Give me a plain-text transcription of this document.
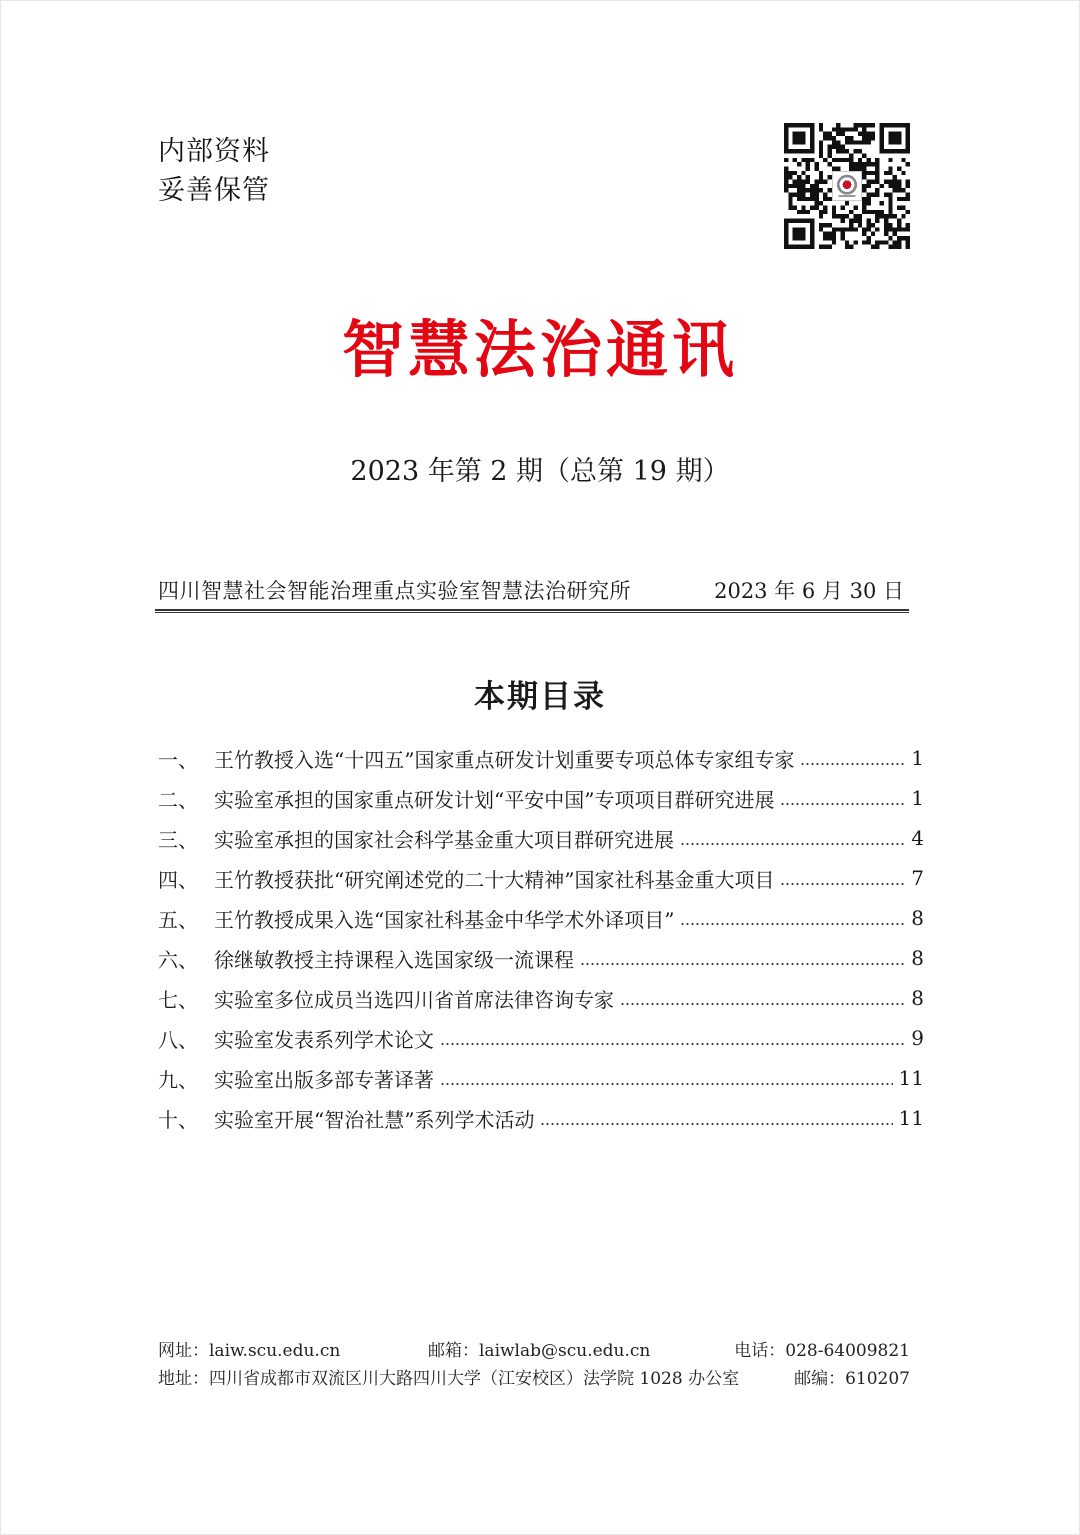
内部资料
妥善保管
智慧法治通讯
2023 年第 2 期（总第 19 期）
四川智慧社会智能治理重点实验室智慧法治研究所	2023 年 6 月 30 日
本期目录
一、 王竹教授入选“十四五”国家重点研发计划重要专项总体专家组专家	1
二、 实验室承担的国家重点研发计划“平安中国”专项项目群研究进展	1
三、 实验室承担的国家社会科学基金重大项目群研究进展	4
四、 王竹教授获批“研究阐述党的二十大精神”国家社科基金重大项目	7
五、 王竹教授成果入选“国家社科基金中华学术外译项目”	8
六、 徐继敏教授主持课程入选国家级一流课程	8
七、 实验室多位成员当选四川省首席法律咨询专家	8
八、 实验室发表系列学术论文	9
九、 实验室出版多部专著译著	11
十、 实验室开展“智治社慧”系列学术活动	11
网址：laiw.scu.edu.cn	邮箱：laiwlab@scu.edu.cn	电话：028-64009821
地址：四川省成都市双流区川大路四川大学（江安校区）法学院 1028 办公室	邮编：610207
